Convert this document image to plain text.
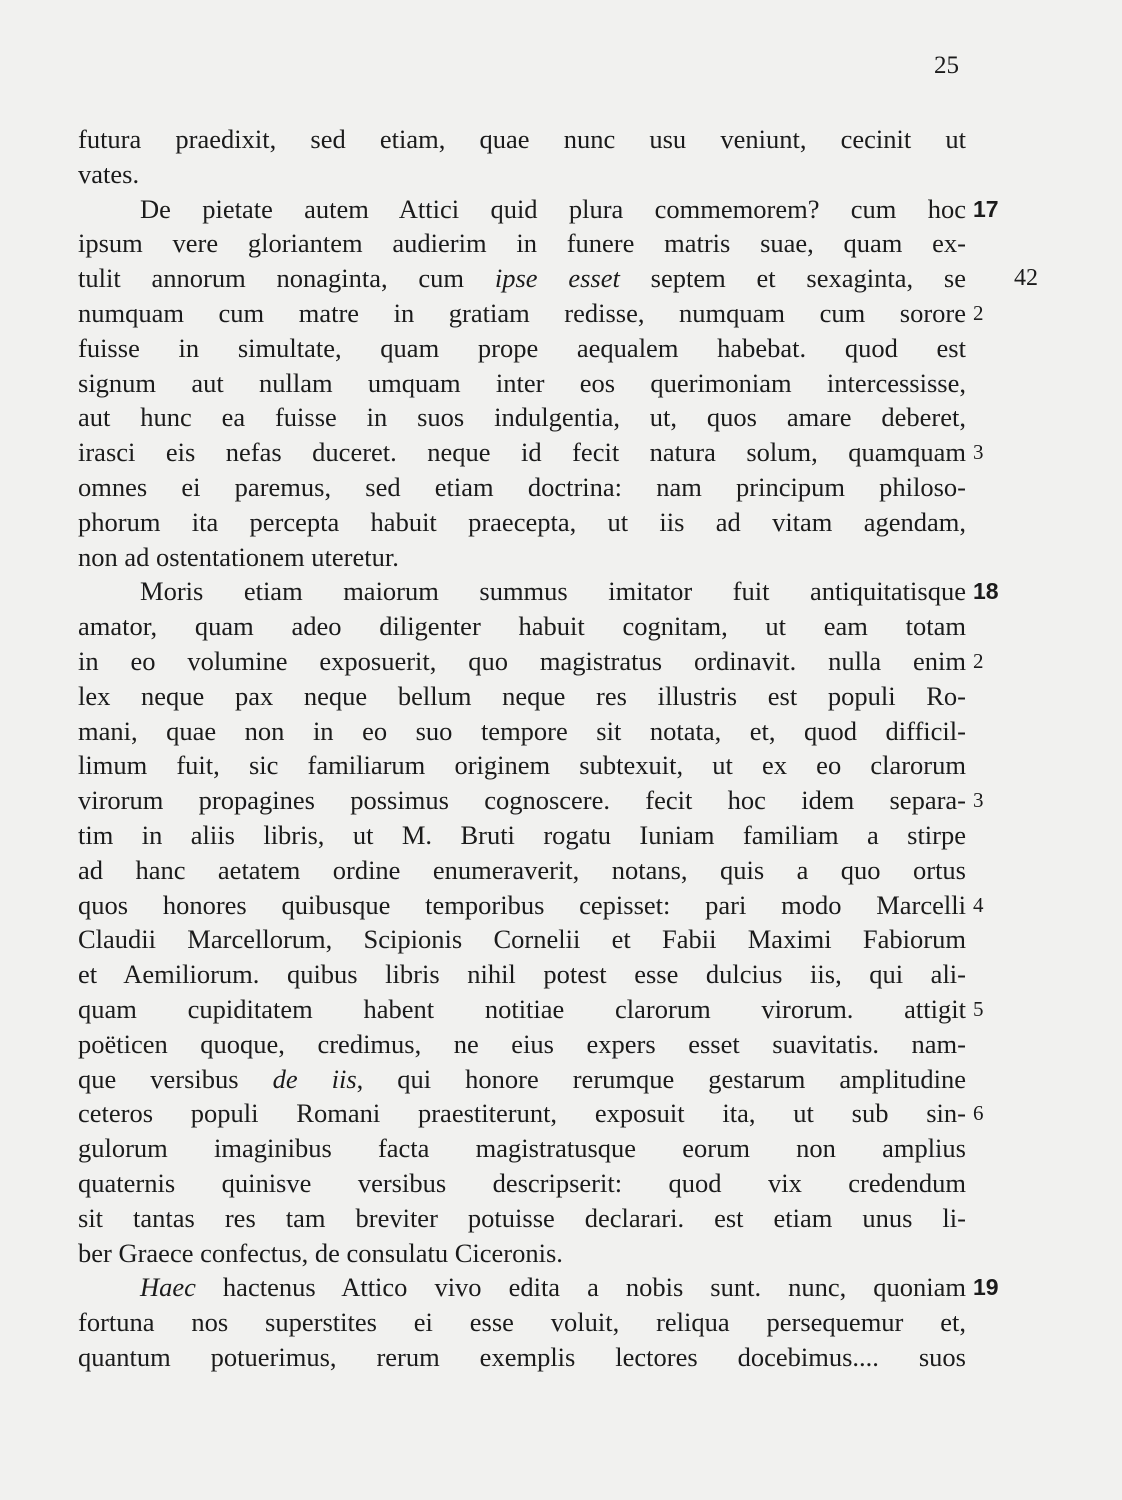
25
futura praedixit, sed etiam, quae nunc usu veniunt, cecinit ut
vates.
De pietate autem Attici quid plura commemorem? cum hoc 17
ipsum vere gloriantem audierim in funere matris suae, quam ex-
tulit annorum nonaginta, cum ipse esset septem et sexaginta, se 42
numquam cum matre in gratiam redisse, numquam cum sorore 2
fuisse in simultate, quam prope aequalem habebat. quod est
signum aut nullam umquam inter eos querimoniam intercessisse,
aut hunc ea fuisse in suos indulgentia, ut, quos amare deberet,
irasci eis nefas duceret. neque id fecit natura solum, quamquam 3
omnes ei paremus, sed etiam doctrina: nam principum philoso-
phorum ita percepta habuit praecepta, ut iis ad vitam agendam,
non ad ostentationem uteretur.
Moris etiam maiorum summus imitator fuit antiquitatisque 18
amator, quam adeo diligenter habuit cognitam, ut eam totam
in eo volumine exposuerit, quo magistratus ordinavit. nulla enim 2
lex neque pax neque bellum neque res illustris est populi Ro-
mani, quae non in eo suo tempore sit notata, et, quod difficil-
limum fuit, sic familiarum originem subtexuit, ut ex eo clarorum
virorum propagines possimus cognoscere. fecit hoc idem separa- 3
tim in aliis libris, ut M. Bruti rogatu Iuniam familiam a stirpe
ad hanc aetatem ordine enumeraverit, notans, quis a quo ortus
quos honores quibusque temporibus cepisset: pari modo Marcelli 4
Claudii Marcellorum, Scipionis Cornelii et Fabii Maximi Fabiorum
et Aemiliorum. quibus libris nihil potest esse dulcius iis, qui ali-
quam cupiditatem habent notitiae clarorum virorum. attigit 5
poëticen quoque, credimus, ne eius expers esset suavitatis. nam-
que versibus de iis, qui honore rerumque gestarum amplitudine
ceteros populi Romani praestiterunt, exposuit ita, ut sub sin- 6
gulorum imaginibus facta magistratusque eorum non amplius
quaternis quinisve versibus descripserit: quod vix credendum
sit tantas res tam breviter potuisse declarari. est etiam unus li-
ber Graece confectus, de consulatu Ciceronis.
Haec hactenus Attico vivo edita a nobis sunt. nunc, quoniam 19
fortuna nos superstites ei esse voluit, reliqua persequemur et,
quantum potuerimus, rerum exemplis lectores docebimus.... suos
